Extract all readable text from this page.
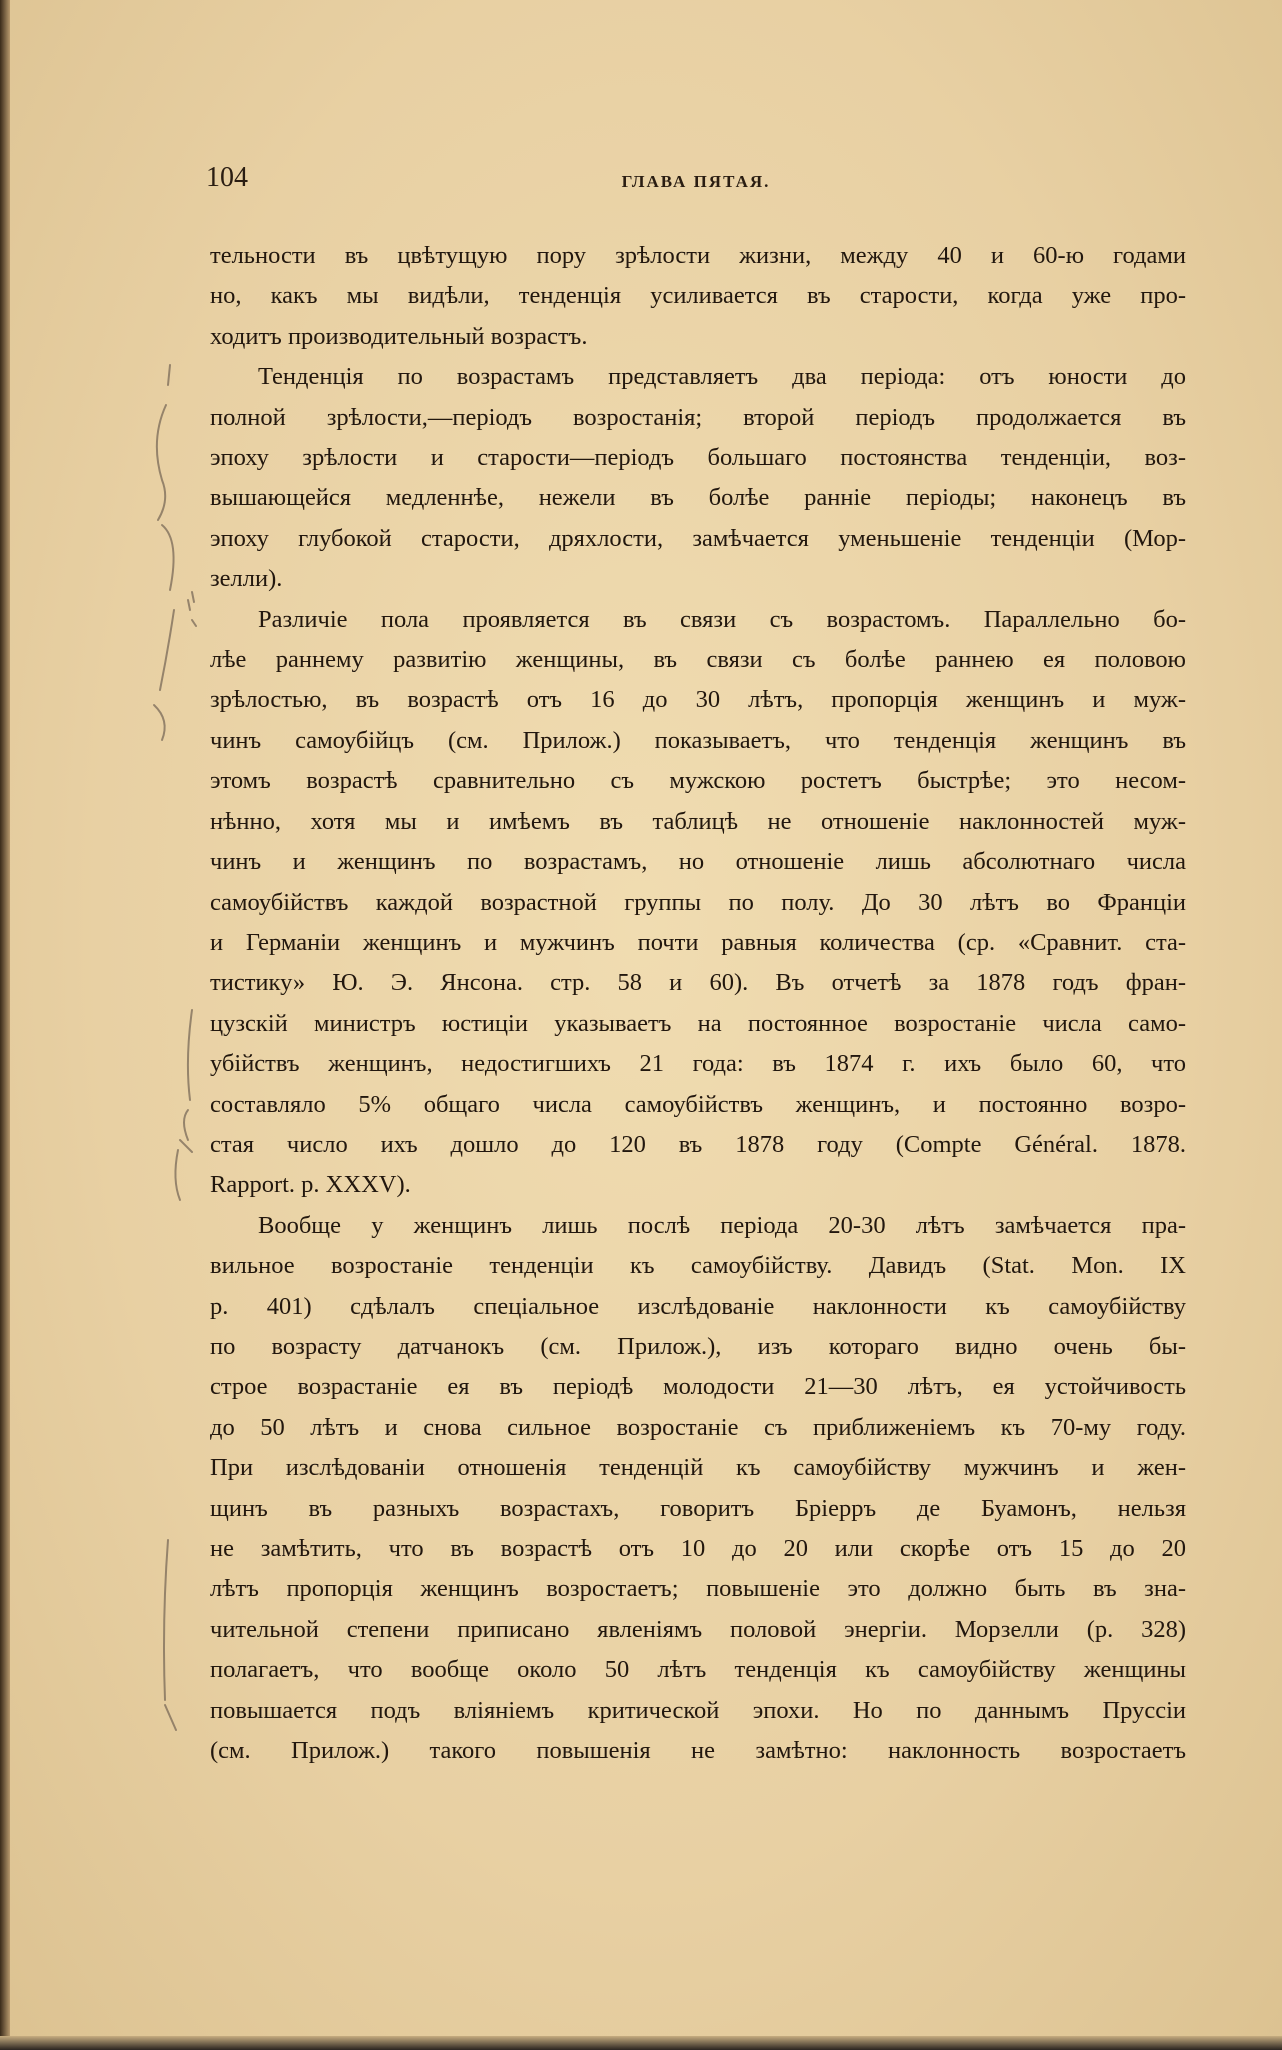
104	ГЛАВА ПЯТАЯ.

тельности въ цвѣтущую пору зрѣлости жизни, между 40 и 60-ю годами

но, какъ мы видѣли, тенденція усиливается въ старости, когда уже про-

ходитъ производительный возрастъ.

Тенденція по возрастамъ представляетъ два періода: отъ юности до

полной зрѣлости,—періодъ возростанія; второй періодъ продолжается въ

эпоху зрѣлости и старости—періодъ большаго постоянства тенденціи, воз-

вышающейся медленнѣе, нежели въ болѣе ранніе періоды; наконецъ въ

эпоху глубокой старости, дряхлости, замѣчается уменьшеніе тенденціи (Мор-

зелли).

Различіе пола проявляется въ связи съ возрастомъ. Параллельно бо-

лѣе раннему развитію женщины, въ связи съ болѣе раннею ея половою

зрѣлостью, въ возрастѣ отъ 16 до 30 лѣтъ, пропорція женщинъ и муж-

чинъ самоубійцъ (см. Прилож.) показываетъ, что тенденція женщинъ въ

этомъ возрастѣ сравнительно съ мужскою ростетъ быстрѣе; это несом-

нѣнно, хотя мы и имѣемъ въ таблицѣ не отношеніе наклонностей муж-

чинъ и женщинъ по возрастамъ, но отношеніе лишь абсолютнаго числа

самоубійствъ каждой возрастной группы по полу. До 30 лѣтъ во Франціи

и Германіи женщинъ и мужчинъ почти равныя количества (ср. «Сравнит. ста-

тистику» Ю. Э. Янсона. стр. 58 и 60). Въ отчетѣ за 1878 годъ фран-

цузскій министръ юстиціи указываетъ на постоянное возростаніе числа само-

убійствъ женщинъ, недостигшихъ 21 года: въ 1874 г. ихъ было 60, что

составляло 5% общаго числа самоубійствъ женщинъ, и постоянно возро-

стая число ихъ дошло до 120 въ 1878 году (Compte Général. 1878.

Rapport. p. XXXV).

Вообще у женщинъ лишь послѣ періода 20-30 лѣтъ замѣчается пра-

вильное возростаніе тенденціи къ самоубійству. Давидъ (Stat. Mon. IX

p. 401) сдѣлалъ спеціальное изслѣдованіе наклонности къ самоубійству

по возрасту датчанокъ (см. Прилож.), изъ котораго видно очень бы-

строе возрастаніе ея въ періодѣ молодости 21—30 лѣтъ, ея устойчивость

до 50 лѣтъ и снова сильное возростаніе съ приближеніемъ къ 70-му году.

При изслѣдованіи отношенія тенденцій къ самоубійству мужчинъ и жен-

щинъ въ разныхъ возрастахъ, говоритъ Бріерръ де Буамонъ, нельзя

не замѣтить, что въ возрастѣ отъ 10 до 20 или скорѣе отъ 15 до 20

лѣтъ пропорція женщинъ возростаетъ; повышеніе это должно быть въ зна-

чительной степени приписано явленіямъ половой энергіи. Морзелли (р. 328)

полагаетъ, что вообще около 50 лѣтъ тенденція къ самоубійству женщины

повышается подъ вліяніемъ критической эпохи. Но по даннымъ Пруссіи

(см. Прилож.) такого повышенія не замѣтно: наклонность возростаетъ
